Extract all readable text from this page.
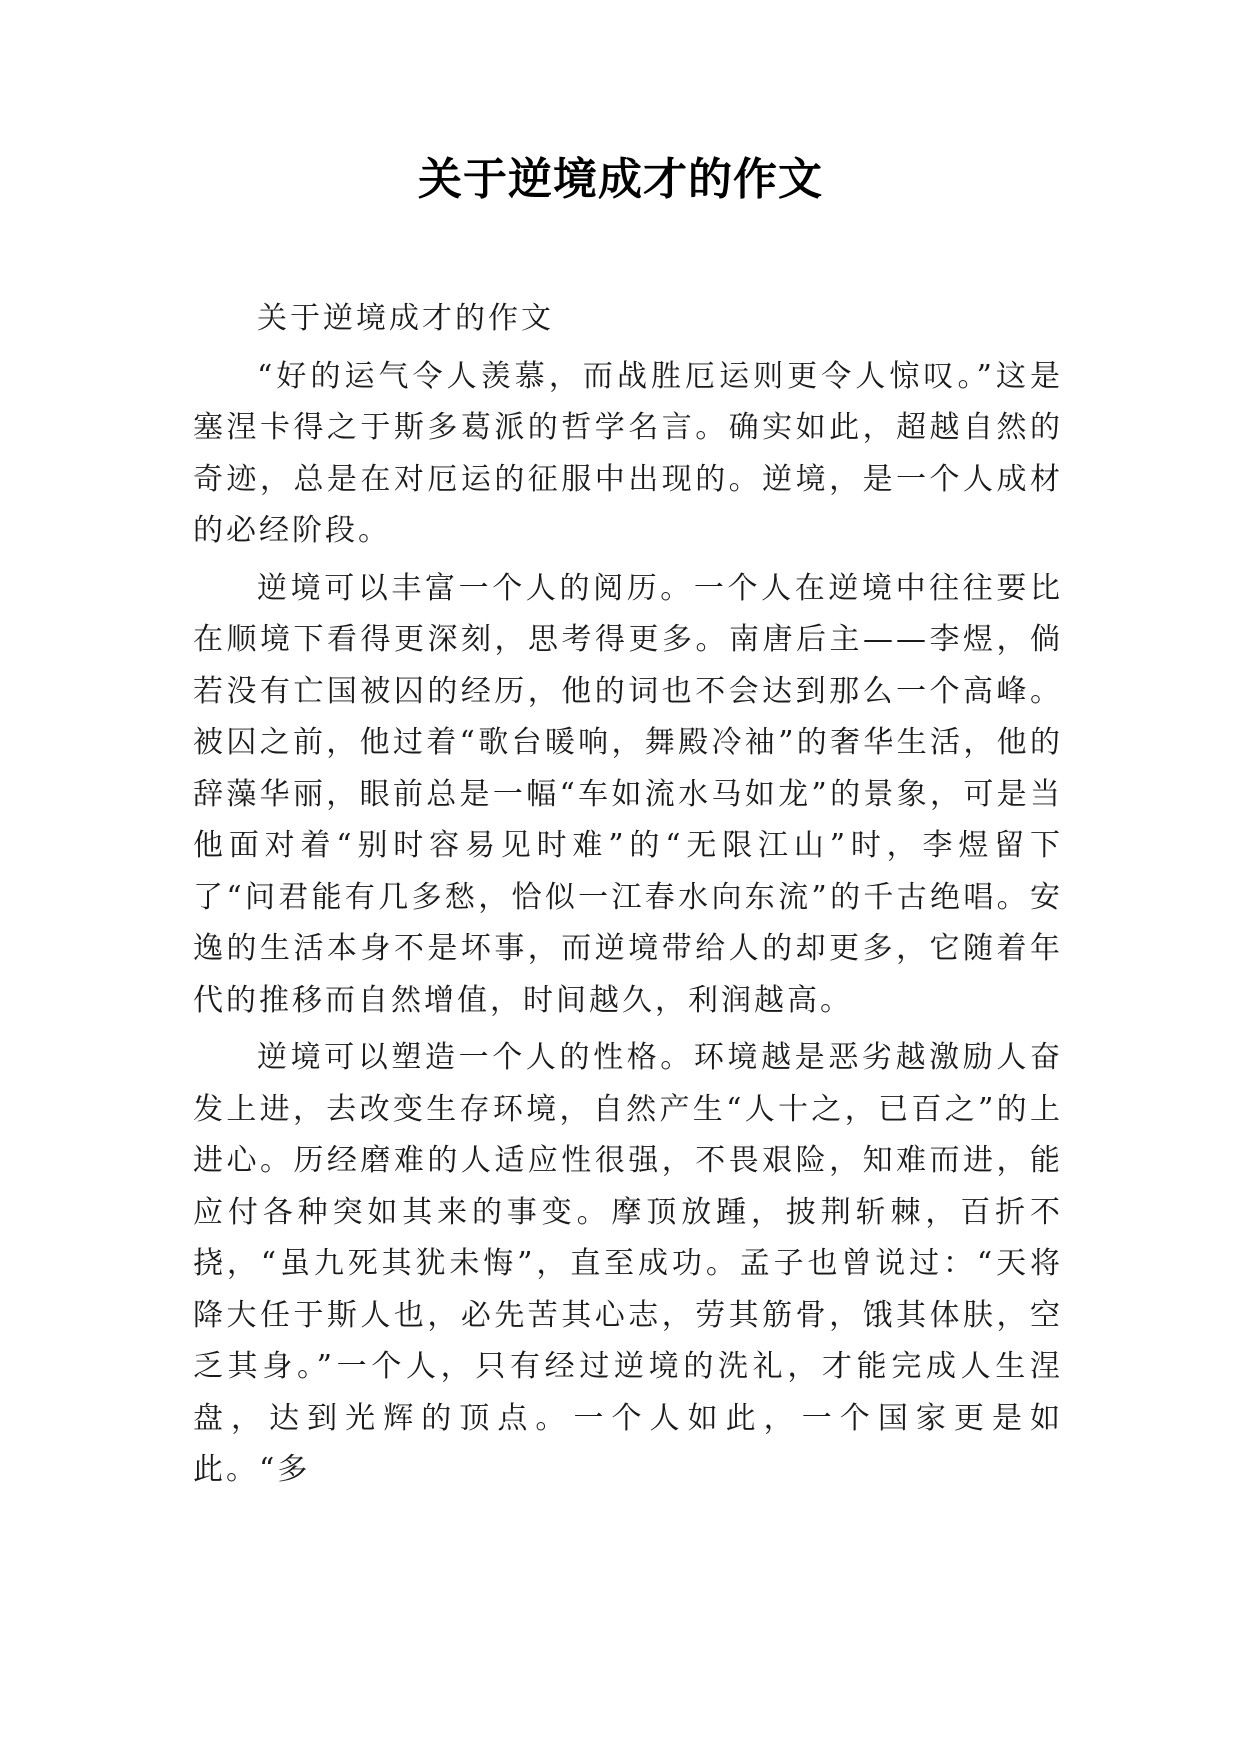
关于逆境成才的作文

关于逆境成才的作文

“好的运气令人羡慕，而战胜厄运则更令人惊叹。”这是塞涅卡得之于斯多葛派的哲学名言。确实如此，超越自然的奇迹，总是在对厄运的征服中出现的。逆境，是一个人成材的必经阶段。

逆境可以丰富一个人的阅历。一个人在逆境中往往要比在顺境下看得更深刻，思考得更多。南唐后主——李煜，倘若没有亡国被囚的经历，他的词也不会达到那么一个高峰。被囚之前，他过着“歌台暖响，舞殿冷袖”的奢华生活，他的辞藻华丽，眼前总是一幅“车如流水马如龙”的景象，可是当他面对着“别时容易见时难”的“无限江山”时，李煜留下了“问君能有几多愁，恰似一江春水向东流”的千古绝唱。安逸的生活本身不是坏事，而逆境带给人的却更多，它随着年代的推移而自然增值，时间越久，利润越高。

逆境可以塑造一个人的性格。环境越是恶劣越激励人奋发上进，去改变生存环境，自然产生“人十之，已百之”的上进心。历经磨难的人适应性很强，不畏艰险，知难而进，能应付各种突如其来的事变。摩顶放踵，披荆斩棘，百折不挠，“虽九死其犹未悔”，直至成功。孟子也曾说过：“天将降大任于斯人也，必先苦其心志，劳其筋骨，饿其体肤，空乏其身。”一个人，只有经过逆境的洗礼，才能完成人生涅盘，达到光辉的顶点。一个人如此，一个国家更是如此。“多
